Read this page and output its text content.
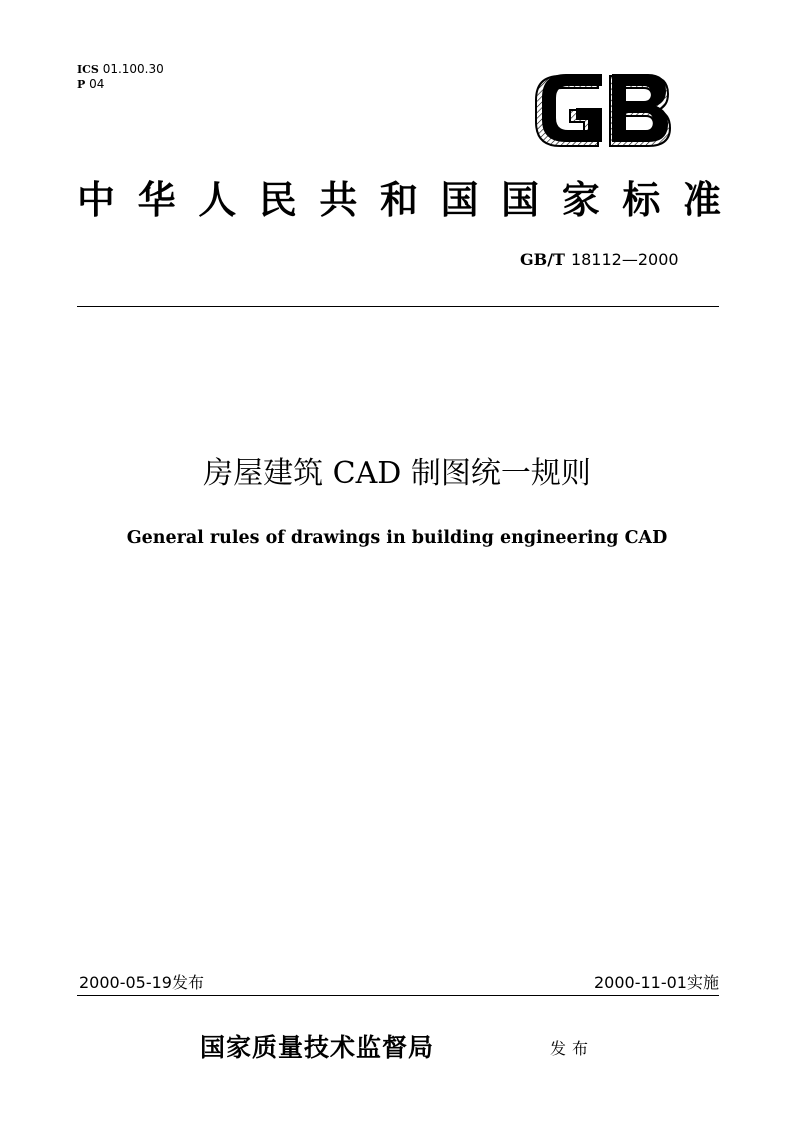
ICS 01.100.30
P 04
GB
中 华 人 民 共 和 国 国 家 标 准
GB/T 18112—2000
房屋建筑 CAD 制图统一规则
General rules of drawings in building engineering CAD
2000-05-19发布	2000-11-01实施
国家质量技术监督局	发布
